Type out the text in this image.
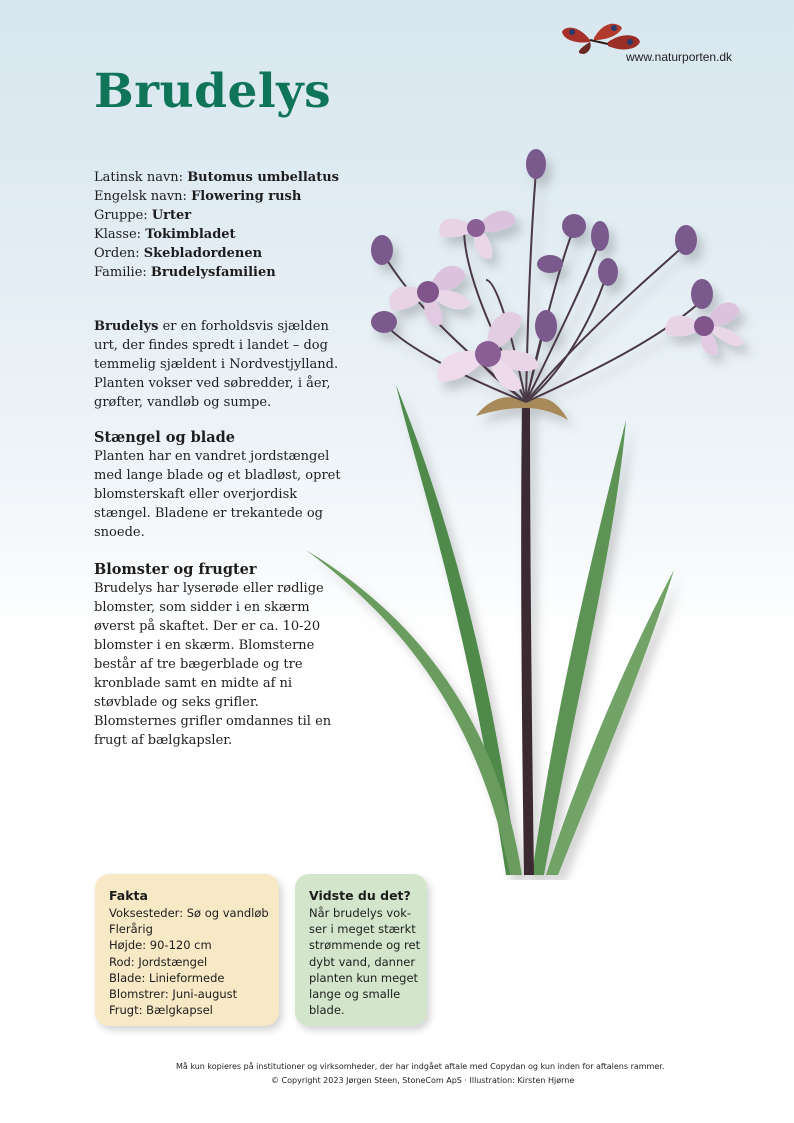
www.naturporten.dk
Brudelys
Latinsk navn: Butomus umbellatus
Engelsk navn: Flowering rush
Gruppe: Urter
Klasse: Tokimbladet
Orden: Skebladordenen
Familie: Brudelysfamilien

Brudelys er en forholdsvis sjælden urt, der findes spredt i landet – dog temmelig sjældent i Nordvestjylland. Planten vokser ved søbredder, i åer, grøfter, vandløb og sumpe.

Stængel og blade

Planten har en vandret jordstængel med lange blade og et bladløst, opret blomsterskaft eller overjordisk stængel. Bladene er trekantede og snoede.

Blomster og frugter

Brudelys har lyserøde eller rødlige blomster, som sidder i en skærm øverst på skaftet. Der er ca. 10-20 blomster i en skærm. Blomsterne består af tre bægerblade og tre kronblade samt en midte af ni støvblade og seks grifler. Blomsternes grifler omdannes til en frugt af bælgkapsler.

Fakta
Voksesteder: Sø og vandløb
Flerårig
Højde: 90-120 cm
Rod: Jordstængel
Blade: Linieformede
Blomstrer: Juni-august
Frugt: Bælgkapsel
Vidste du det?
Når brudelys vok-
ser i meget stærkt
strømmende og ret
dybt vand, danner
planten kun meget
lange og smalle
blade.
Må kun kopieres på institutioner og virksomheder, der har indgået aftale med Copydan og kun inden for aftalens rammer.
© Copyright 2023 Jørgen Steen, StoneCom ApS · Illustration: Kirsten Hjørne
